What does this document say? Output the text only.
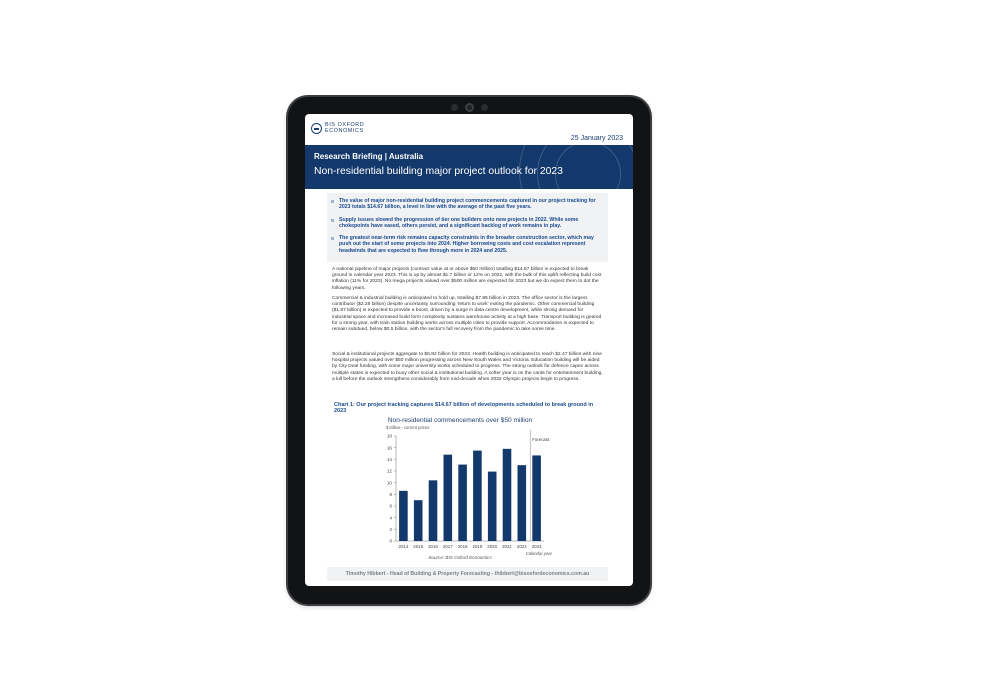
BIS OXFORD
ECONOMICS
25 January 2023
Research Briefing | Australia
Non-residential building major project outlook for 2023
The value of major non-residential building project commencements captured in our project tracking for 2023 totals $14.67 billion, a level in line with the average of the past five years.
Supply issues slowed the progression of tier one builders onto new projects in 2022. While some chokepoints have eased, others persist, and a significant backlog of work remains in play.
The greatest near-term risk remains capacity constraints in the broader construction sector, which may push out the start of some projects into 2024. Higher borrowing costs and cost escalation represent headwinds that are expected to flow through more in 2024 and 2025.
A national pipeline of major projects (contract value at or above $50 million) totalling $14.67 billion is expected to break ground in calendar year 2023. This is up by almost $1.7 billion or 12% on 2022, with the bulk of this uplift reflecting build cost inflation (11% for 2023). No mega projects valued over $500 million are expected for 2023 but we do expect them to dot the following years.
Commercial & industrial building is anticipated to hold up, totalling $7.86 billion in 2023. The office sector is the largest contributor ($2.28 billion) despite uncertainty surrounding 'return to work' exiting the pandemic. Other commercial building ($1.87 billion) is expected to provide a boost, driven by a surge in data centre development, while strong demand for industrial space and increased build form complexity sustains warehouse activity at a high base. Transport building is geared for a strong year, with train station building works across multiple cities to provide support. Accommodation is expected to remain subdued, below $0.5 billion, with the sector's full recovery from the pandemic to take some time.
Social & institutional projects aggregate to $6.82 billion for 2023. Health building is anticipated to reach $2.47 billion with nine hospital projects valued over $50 million progressing across New South Wales and Victoria. Education building will be aided by City Deal funding, with some major university works scheduled to progress. The strong outlook for defence capex across multiple states is expected to buoy other social & institutional building. A softer year is on the cards for entertainment building, a lull before the outlook strengthens considerably from mid-decade when 2032 Olympic projects begin to progress.
Chart 1: Our project tracking captures $14.67 billion of developments scheduled to break ground in 2023
Non-residential commencements over $50 million
$ billion - current prices
0
2
4
6
8
10
12
14
16
18
2014 2015 2016 2017 2018 2019 2020 2021 2022 2023
Forecast
Calendar year
Source: BIS Oxford Economics
Timothy Hibbert - Head of Building & Property Forecasting - thibbert@bisoxfordeconomics.com.au
